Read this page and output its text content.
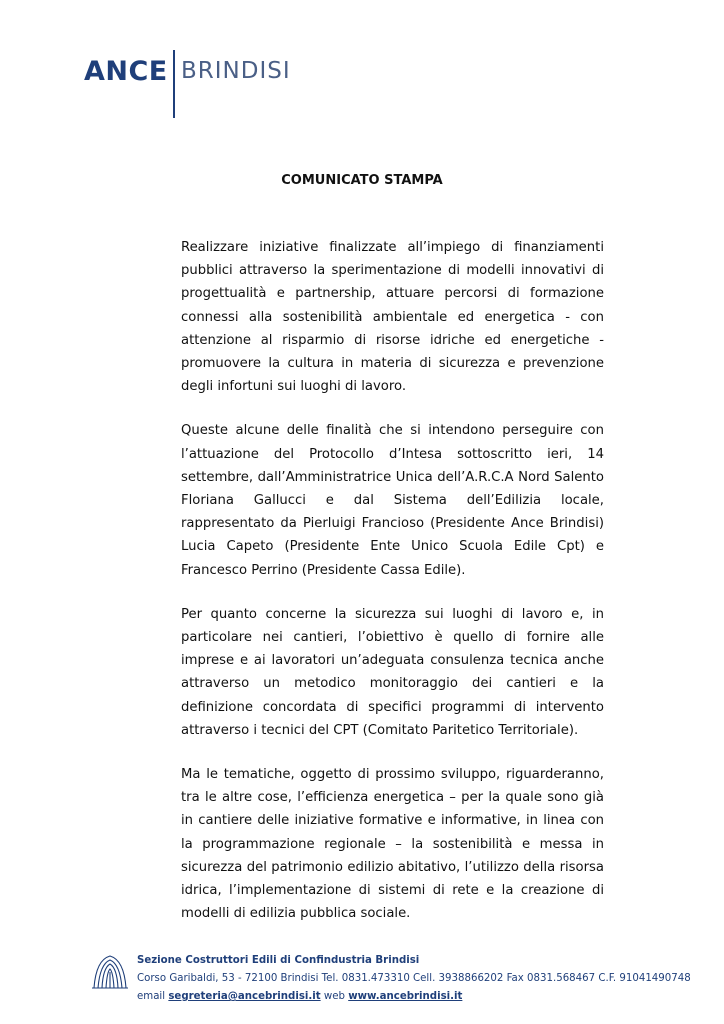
ANCE BRINDISI
COMUNICATO STAMPA

Realizzare iniziative finalizzate all’impiego di finanziamenti pubblici attraverso la sperimentazione di modelli innovativi di progettualità e partnership, attuare percorsi di formazione connessi alla sostenibilità ambientale ed energetica - con attenzione al risparmio di risorse idriche ed energetiche - promuovere la cultura in materia di sicurezza e prevenzione degli infortuni sui luoghi di lavoro.

Queste alcune delle finalità che si intendono perseguire con l’attuazione del Protocollo d’Intesa sottoscritto ieri, 14 settembre, dall’Amministratrice Unica dell’A.R.C.A Nord Salento Floriana Gallucci e dal Sistema dell’Edilizia locale, rappresentato da Pierluigi Francioso (Presidente Ance Brindisi) Lucia Capeto (Presidente Ente Unico Scuola Edile Cpt) e Francesco Perrino (Presidente Cassa Edile).

Per quanto concerne la sicurezza sui luoghi di lavoro e, in particolare nei cantieri, l’obiettivo è quello di fornire alle imprese e ai lavoratori un’adeguata consulenza tecnica anche attraverso un metodico monitoraggio dei cantieri e la definizione concordata di specifici programmi di intervento attraverso i tecnici del CPT (Comitato Paritetico Territoriale).

Ma le tematiche, oggetto di prossimo sviluppo, riguarderanno, tra le altre cose, l’efficienza energetica – per la quale sono già in cantiere delle iniziative formative e informative, in linea con la programmazione regionale – la sostenibilità e messa in sicurezza del patrimonio edilizio abitativo, l’utilizzo della risorsa idrica, l’implementazione di sistemi di rete e la creazione di modelli di edilizia pubblica sociale.

Sezione Costruttori Edili di Confindustria Brindisi
Corso Garibaldi, 53 - 72100 Brindisi Tel. 0831.473310 Cell. 3938866202 Fax 0831.568467 C.F. 91041490748
email segreteria@ancebrindisi.it web www.ancebrindisi.it
